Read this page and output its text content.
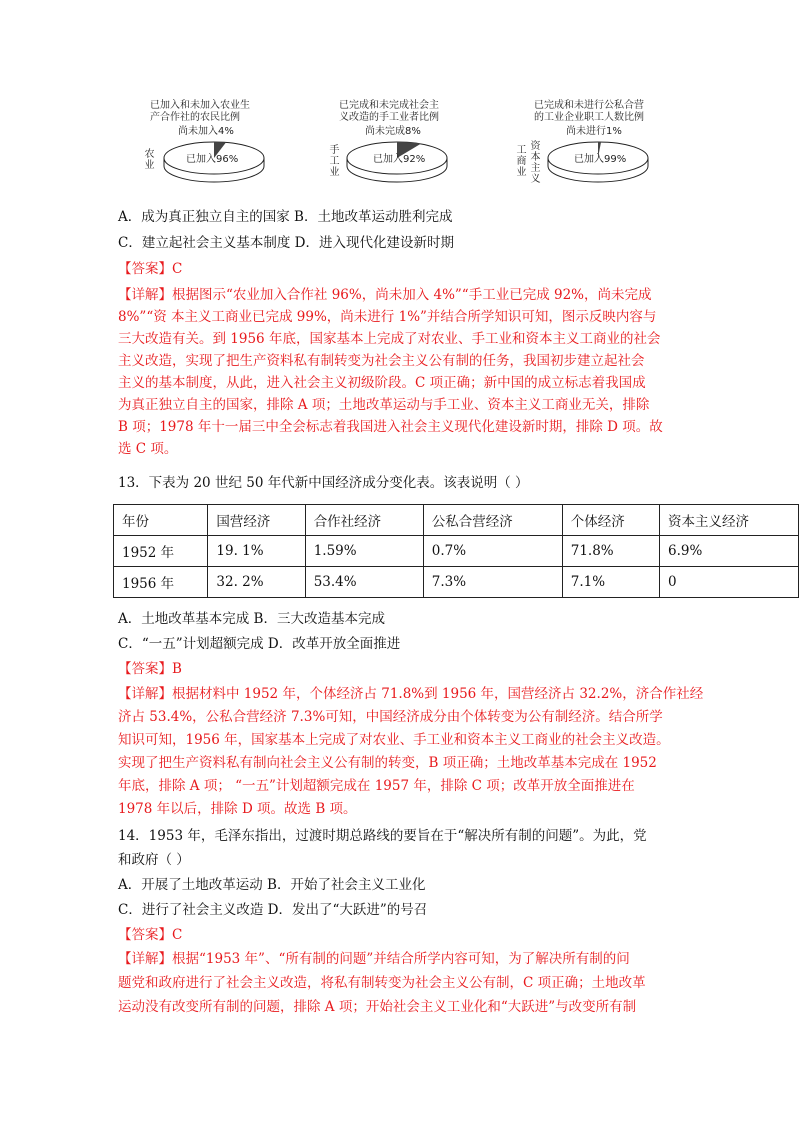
已加入和未加入农业生
产合作社的农民比例
尚未加入4%
农业	已加入96%
已完成和未完成社会主
义改造的手工业者比例
尚未完成8%
手工业	已加入92%
已完成和未进行公私合营
的工业企业职工人数比例
尚未进行1%
工商业 资本主义	已加入99%
A．成为真正独立自主的国家 B．土地改革运动胜利完成
C．建立起社会主义基本制度 D．进入现代化建设新时期
【答案】C
【详解】根据图示“农业加入合作社 96%，尚未加入 4%”“手工业已完成 92%，尚未完成
8%”“资 本主义工商业已完成 99%，尚未进行 1%”并结合所学知识可知，图示反映内容与
三大改造有关。到 1956 年底，国家基本上完成了对农业、手工业和资本主义工商业的社会
主义改造，实现了把生产资料私有制转变为社会主义公有制的任务，我国初步建立起社会
主义的基本制度，从此，进入社会主义初级阶段。C 项正确；新中国的成立标志着我国成
为真正独立自主的国家，排除 A 项；土地改革运动与手工业、资本主义工商业无关，排除
B 项；1978 年十一届三中全会标志着我国进入社会主义现代化建设新时期，排除 D 项。故
选 C 项。
13．下表为 20 世纪 50 年代新中国经济成分变化表。该表说明（ ）
年份	国营经济	合作社经济	公私合营经济	个体经济	资本主义经济
1952 年	19. 1%	1.59%	0.7%	71.8%	6.9%
1956 年	32. 2%	53.4%	7.3%	7.1%	0
A．土地改革基本完成 B．三大改造基本完成
C．“一五”计划超额完成 D．改革开放全面推进
【答案】B
【详解】根据材料中 1952 年，个体经济占 71.8%到 1956 年，国营经济占 32.2%，济合作社经
济占 53.4%，公私合营经济 7.3%可知，中国经济成分由个体转变为公有制经济。结合所学
知识可知，1956 年，国家基本上完成了对农业、手工业和资本主义工商业的社会主义改造。
实现了把生产资料私有制向社会主义公有制的转变，B 项正确；土地改革基本完成在 1952
年底，排除 A 项； “一五”计划超额完成在 1957 年，排除 C 项；改革开放全面推进在
1978 年以后，排除 D 项。故选 B 项。
14．1953 年，毛泽东指出，过渡时期总路线的要旨在于“解决所有制的问题”。为此，党
和政府（ ）
A．开展了土地改革运动 B．开始了社会主义工业化
C．进行了社会主义改造 D．发出了“大跃进”的号召
【答案】C
【详解】根据“1953 年”、“所有制的问题”并结合所学内容可知，为了解决所有制的问
题党和政府进行了社会主义改造，将私有制转变为社会主义公有制，C 项正确；土地改革
运动没有改变所有制的问题，排除 A 项；开始社会主义工业化和“大跃进”与改变所有制
